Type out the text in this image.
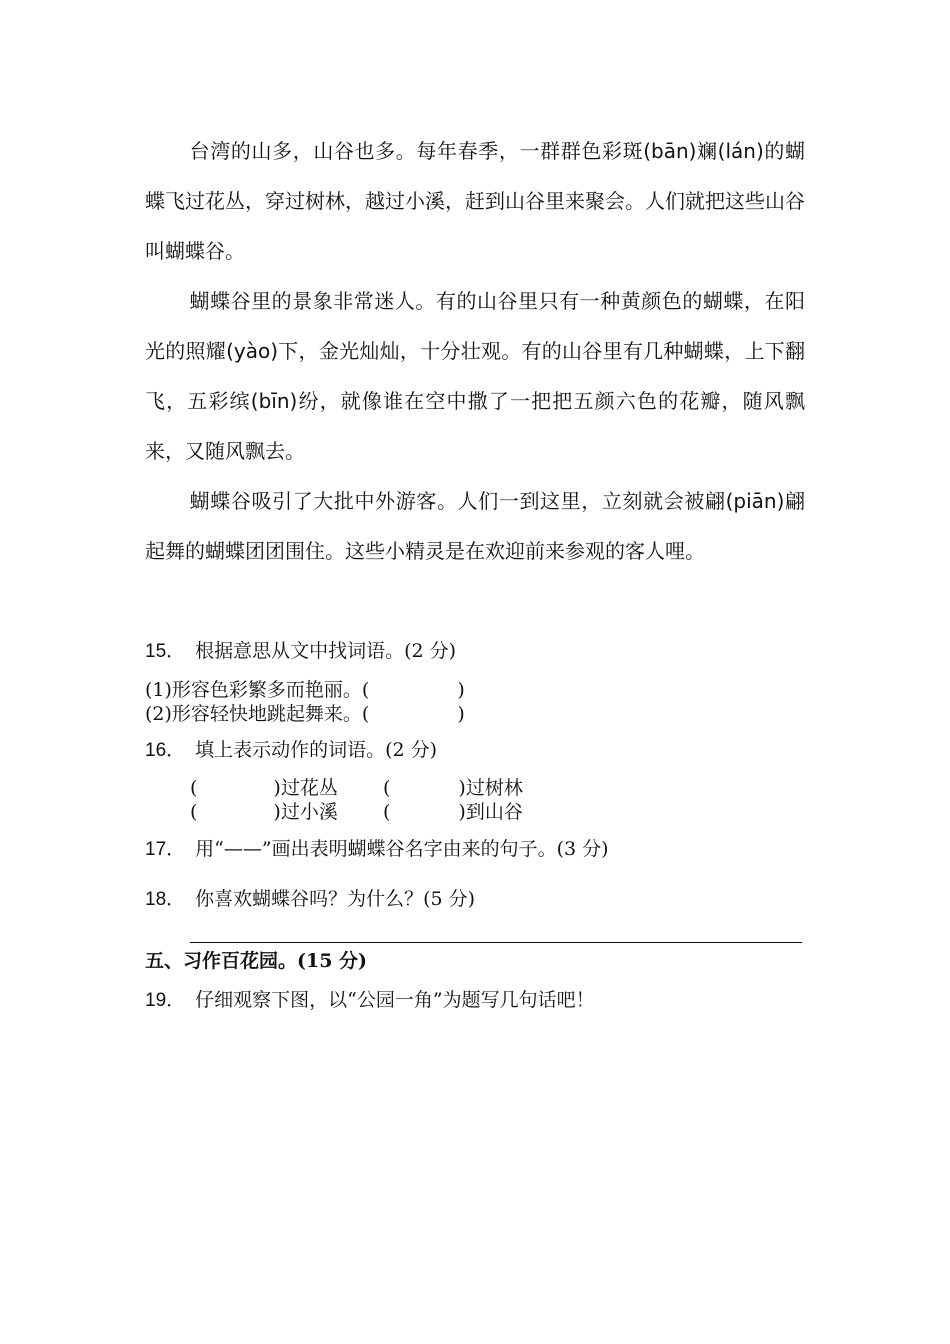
台湾的山多，山谷也多。每年春季，一群群色彩斑(bān)斓(lán)的蝴蝶飞过花丛，穿过树林，越过小溪，赶到山谷里来聚会。人们就把这些山谷叫蝴蝶谷。

蝴蝶谷里的景象非常迷人。有的山谷里只有一种黄颜色的蝴蝶，在阳光的照耀(yào)下，金光灿灿，十分壮观。有的山谷里有几种蝴蝶，上下翻飞，五彩缤(bīn)纷，就像谁在空中撒了一把把五颜六色的花瓣，随风飘来，又随风飘去。

蝴蝶谷吸引了大批中外游客。人们一到这里，立刻就会被翩(piān)翩起舞的蝴蝶团团围住。这些小精灵是在欢迎前来参观的客人哩。

15． 根据意思从文中找词语。(2 分)
(1)形容色彩繁多而艳丽。(	)
(2)形容轻快地跳起舞来。(	)
16． 填上表示动作的词语。(2 分)
(	)过花丛 (	)过树林
(	)过小溪 (	)到山谷
17． 用“——”画出表明蝴蝶谷名字由来的句子。(3 分)
18． 你喜欢蝴蝶谷吗？为什么？(5 分)
五、习作百花园。(15 分)
19． 仔细观察下图，以“公园一角”为题写几句话吧！
